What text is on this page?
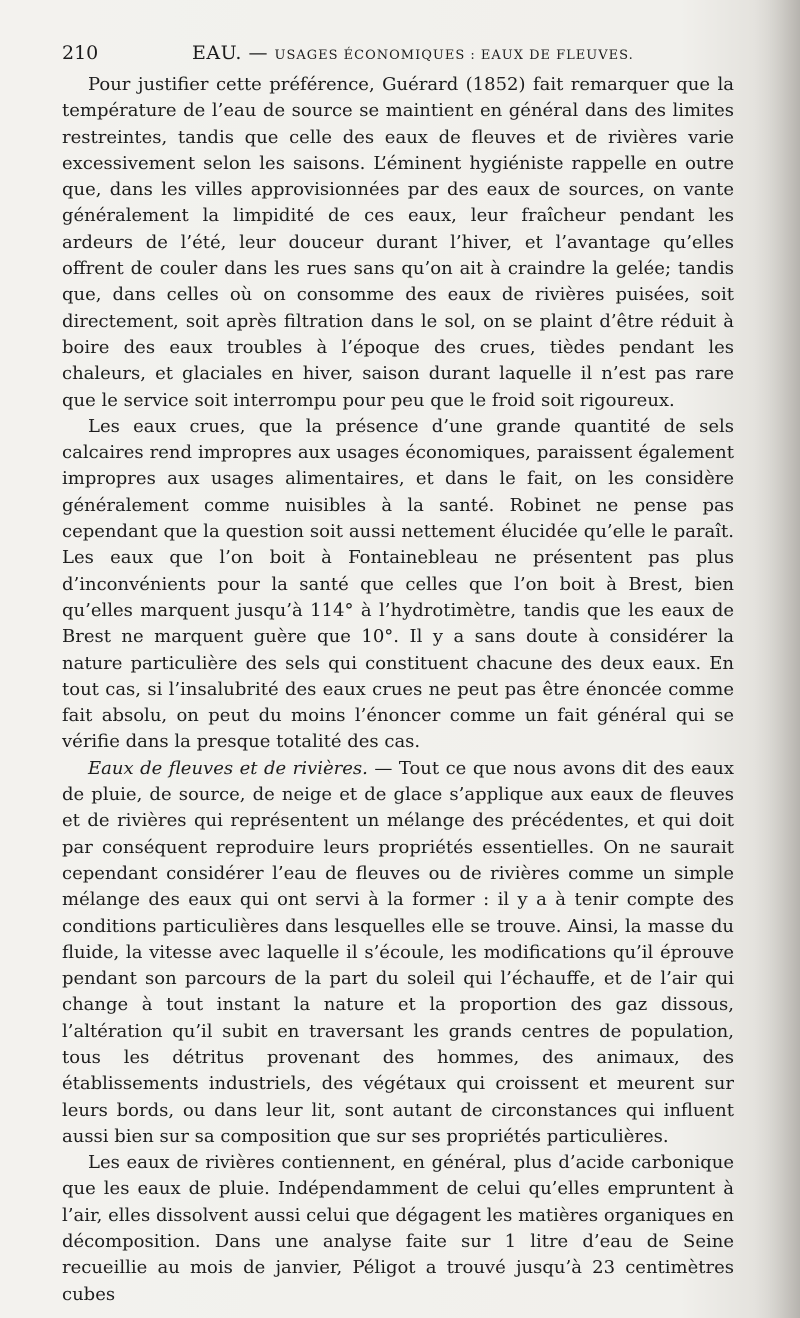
210	EAU. — USAGES ÉCONOMIQUES : EAUX DE FLEUVES.

Pour justifier cette préférence, Guérard (1852) fait remarquer que la température de l’eau de source se maintient en général dans des limites restreintes, tandis que celle des eaux de fleuves et de rivières varie excessivement selon les saisons. L’éminent hygiéniste rappelle en outre que, dans les villes approvisionnées par des eaux de sources, on vante généralement la limpidité de ces eaux, leur fraîcheur pendant les ardeurs de l’été, leur douceur durant l’hiver, et l’avantage qu’elles offrent de couler dans les rues sans qu’on ait à craindre la gelée; tandis que, dans celles où on consomme des eaux de rivières puisées, soit directement, soit après filtration dans le sol, on se plaint d’être réduit à boire des eaux troubles à l’époque des crues, tièdes pendant les chaleurs, et glaciales en hiver, saison durant laquelle il n’est pas rare que le service soit interrompu pour peu que le froid soit rigoureux.

Les eaux crues, que la présence d’une grande quantité de sels calcaires rend impropres aux usages économiques, paraissent également impropres aux usages alimentaires, et dans le fait, on les considère généralement comme nuisibles à la santé. Robinet ne pense pas cependant que la question soit aussi nettement élucidée qu’elle le paraît. Les eaux que l’on boit à Fontainebleau ne présentent pas plus d’inconvénients pour la santé que celles que l’on boit à Brest, bien qu’elles marquent jusqu’à 114° à l’hydrotimètre, tandis que les eaux de Brest ne marquent guère que 10°. Il y a sans doute à considérer la nature particulière des sels qui constituent chacune des deux eaux. En tout cas, si l’insalubrité des eaux crues ne peut pas être énoncée comme fait absolu, on peut du moins l’énoncer comme un fait général qui se vérifie dans la presque totalité des cas.

Eaux de fleuves et de rivières. — Tout ce que nous avons dit des eaux de pluie, de source, de neige et de glace s’applique aux eaux de fleuves et de rivières qui représentent un mélange des précédentes, et qui doit par conséquent reproduire leurs propriétés essentielles. On ne saurait cependant considérer l’eau de fleuves ou de rivières comme un simple mélange des eaux qui ont servi à la former : il y a à tenir compte des conditions particulières dans lesquelles elle se trouve. Ainsi, la masse du fluide, la vitesse avec laquelle il s’écoule, les modifications qu’il éprouve pendant son parcours de la part du soleil qui l’échauffe, et de l’air qui change à tout instant la nature et la proportion des gaz dissous, l’altération qu’il subit en traversant les grands centres de population, tous les détritus provenant des hommes, des animaux, des établissements industriels, des végétaux qui croissent et meurent sur leurs bords, ou dans leur lit, sont autant de circonstances qui influent aussi bien sur sa composition que sur ses propriétés particulières.

Les eaux de rivières contiennent, en général, plus d’acide carbonique que les eaux de pluie. Indépendamment de celui qu’elles empruntent à l’air, elles dissolvent aussi celui que dégagent les matières organiques en décomposition. Dans une analyse faite sur 1 litre d’eau de Seine recueillie au mois de janvier, Péligot a trouvé jusqu’à 23 centimètres cubes
